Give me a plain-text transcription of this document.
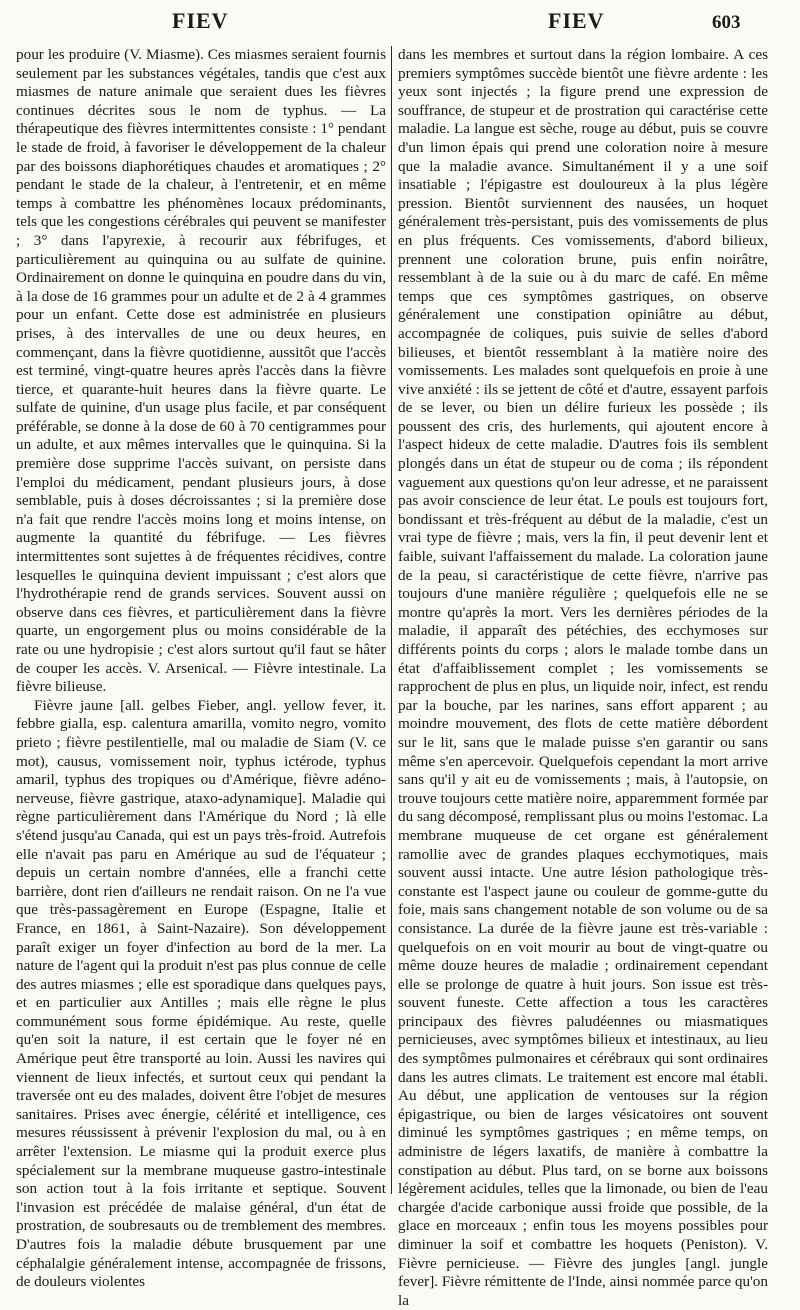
FIEV	FIEV	603

pour les produire (V. Miasme). Ces miasmes seraient fournis seulement par les substances végétales, tandis que c'est aux miasmes de nature animale que seraient dues les fièvres continues décrites sous le nom de typhus. — La thérapeutique des fièvres intermittentes consiste : 1° pendant le stade de froid, à favoriser le développement de la chaleur par des boissons diaphorétiques chaudes et aromatiques ; 2° pendant le stade de la chaleur, à l'entretenir, et en même temps à combattre les phénomènes locaux prédominants, tels que les congestions cérébrales qui peuvent se manifester ; 3° dans l'apyrexie, à recourir aux fébrifuges, et particulièrement au quinquina ou au sulfate de quinine. Ordinairement on donne le quinquina en poudre dans du vin, à la dose de 16 grammes pour un adulte et de 2 à 4 grammes pour un enfant. Cette dose est administrée en plusieurs prises, à des intervalles de une ou deux heures, en commençant, dans la fièvre quotidienne, aussitôt que l'accès est terminé, vingt-quatre heures après l'accès dans la fièvre tierce, et quarante-huit heures dans la fièvre quarte. Le sulfate de quinine, d'un usage plus facile, et par conséquent préférable, se donne à la dose de 60 à 70 centigrammes pour un adulte, et aux mêmes intervalles que le quinquina. Si la première dose supprime l'accès suivant, on persiste dans l'emploi du médicament, pendant plusieurs jours, à dose semblable, puis à doses décroissantes ; si la première dose n'a fait que rendre l'accès moins long et moins intense, on augmente la quantité du fébrifuge. — Les fièvres intermittentes sont sujettes à de fréquentes récidives, contre lesquelles le quinquina devient impuissant ; c'est alors que l'hydrothérapie rend de grands services. Souvent aussi on observe dans ces fièvres, et particulièrement dans la fièvre quarte, un engorgement plus ou moins considérable de la rate ou une hydropisie ; c'est alors surtout qu'il faut se hâter de couper les accès. V. Arsenical. — Fièvre intestinale. La fièvre bilieuse.

Fièvre jaune [all. gelbes Fieber, angl. yellow fever, it. febbre gialla, esp. calentura amarilla, vomito negro, vomito prieto ; fièvre pestilentielle, mal ou maladie de Siam (V. ce mot), causus, vomissement noir, typhus ictérode, typhus amaril, typhus des tropiques ou d'Amérique, fièvre adéno-nerveuse, fièvre gastrique, ataxo-adynamique]. Maladie qui règne particulièrement dans l'Amérique du Nord ; là elle s'étend jusqu'au Canada, qui est un pays très-froid. Autrefois elle n'avait pas paru en Amérique au sud de l'équateur ; depuis un certain nombre d'années, elle a franchi cette barrière, dont rien d'ailleurs ne rendait raison. On ne l'a vue que très-passagèrement en Europe (Espagne, Italie et France, en 1861, à Saint-Nazaire). Son développement paraît exiger un foyer d'infection au bord de la mer. La nature de l'agent qui la produit n'est pas plus connue de celle des autres miasmes ; elle est sporadique dans quelques pays, et en particulier aux Antilles ; mais elle règne le plus communément sous forme épidémique. Au reste, quelle qu'en soit la nature, il est certain que le foyer né en Amérique peut être transporté au loin. Aussi les navires qui viennent de lieux infectés, et surtout ceux qui pendant la traversée ont eu des malades, doivent être l'objet de mesures sanitaires. Prises avec énergie, célérité et intelligence, ces mesures réussissent à prévenir l'explosion du mal, ou à en arrêter l'extension. Le miasme qui la produit exerce plus spécialement sur la membrane muqueuse gastro-intestinale son action tout à la fois irritante et septique. Souvent l'invasion est précédée de malaise général, d'un état de prostration, de soubresauts ou de tremblement des membres. D'autres fois la maladie débute brusquement par une céphalalgie généralement intense, accompagnée de frissons, de douleurs violentes

dans les membres et surtout dans la région lombaire. A ces premiers symptômes succède bientôt une fièvre ardente : les yeux sont injectés ; la figure prend une expression de souffrance, de stupeur et de prostration qui caractérise cette maladie. La langue est sèche, rouge au début, puis se couvre d'un limon épais qui prend une coloration noire à mesure que la maladie avance. Simultanément il y a une soif insatiable ; l'épigastre est douloureux à la plus légère pression. Bientôt surviennent des nausées, un hoquet généralement très-persistant, puis des vomissements de plus en plus fréquents. Ces vomissements, d'abord bilieux, prennent une coloration brune, puis enfin noirâtre, ressemblant à de la suie ou à du marc de café. En même temps que ces symptômes gastriques, on observe généralement une constipation opiniâtre au début, accompagnée de coliques, puis suivie de selles d'abord bilieuses, et bientôt ressemblant à la matière noire des vomissements. Les malades sont quelquefois en proie à une vive anxiété : ils se jettent de côté et d'autre, essayent parfois de se lever, ou bien un délire furieux les possède ; ils poussent des cris, des hurlements, qui ajoutent encore à l'aspect hideux de cette maladie. D'autres fois ils semblent plongés dans un état de stupeur ou de coma ; ils répondent vaguement aux questions qu'on leur adresse, et ne paraissent pas avoir conscience de leur état. Le pouls est toujours fort, bondissant et très-fréquent au début de la maladie, c'est un vrai type de fièvre ; mais, vers la fin, il peut devenir lent et faible, suivant l'affaissement du malade. La coloration jaune de la peau, si caractéristique de cette fièvre, n'arrive pas toujours d'une manière régulière ; quelquefois elle ne se montre qu'après la mort. Vers les dernières périodes de la maladie, il apparaît des pétéchies, des ecchymoses sur différents points du corps ; alors le malade tombe dans un état d'affaiblissement complet ; les vomissements se rapprochent de plus en plus, un liquide noir, infect, est rendu par la bouche, par les narines, sans effort apparent ; au moindre mouvement, des flots de cette matière débordent sur le lit, sans que le malade puisse s'en garantir ou sans même s'en apercevoir. Quelquefois cependant la mort arrive sans qu'il y ait eu de vomissements ; mais, à l'autopsie, on trouve toujours cette matière noire, apparemment formée par du sang décomposé, remplissant plus ou moins l'estomac. La membrane muqueuse de cet organe est généralement ramollie avec de grandes plaques ecchymotiques, mais souvent aussi intacte. Une autre lésion pathologique très-constante est l'aspect jaune ou couleur de gomme-gutte du foie, mais sans changement notable de son volume ou de sa consistance. La durée de la fièvre jaune est très-variable : quelquefois on en voit mourir au bout de vingt-quatre ou même douze heures de maladie ; ordinairement cependant elle se prolonge de quatre à huit jours. Son issue est très-souvent funeste. Cette affection a tous les caractères principaux des fièvres paludéennes ou miasmatiques pernicieuses, avec symptômes bilieux et intestinaux, au lieu des symptômes pulmonaires et cérébraux qui sont ordinaires dans les autres climats. Le traitement est encore mal établi. Au début, une application de ventouses sur la région épigastrique, ou bien de larges vésicatoires ont souvent diminué les symptômes gastriques ; en même temps, on administre de légers laxatifs, de manière à combattre la constipation au début. Plus tard, on se borne aux boissons légèrement acidules, telles que la limonade, ou bien de l'eau chargée d'acide carbonique aussi froide que possible, de la glace en morceaux ; enfin tous les moyens possibles pour diminuer la soif et combattre les hoquets (Peniston). V. Fièvre pernicieuse. — Fièvre des jungles [angl. jungle fever]. Fièvre rémittente de l'Inde, ainsi nommée parce qu'on la
